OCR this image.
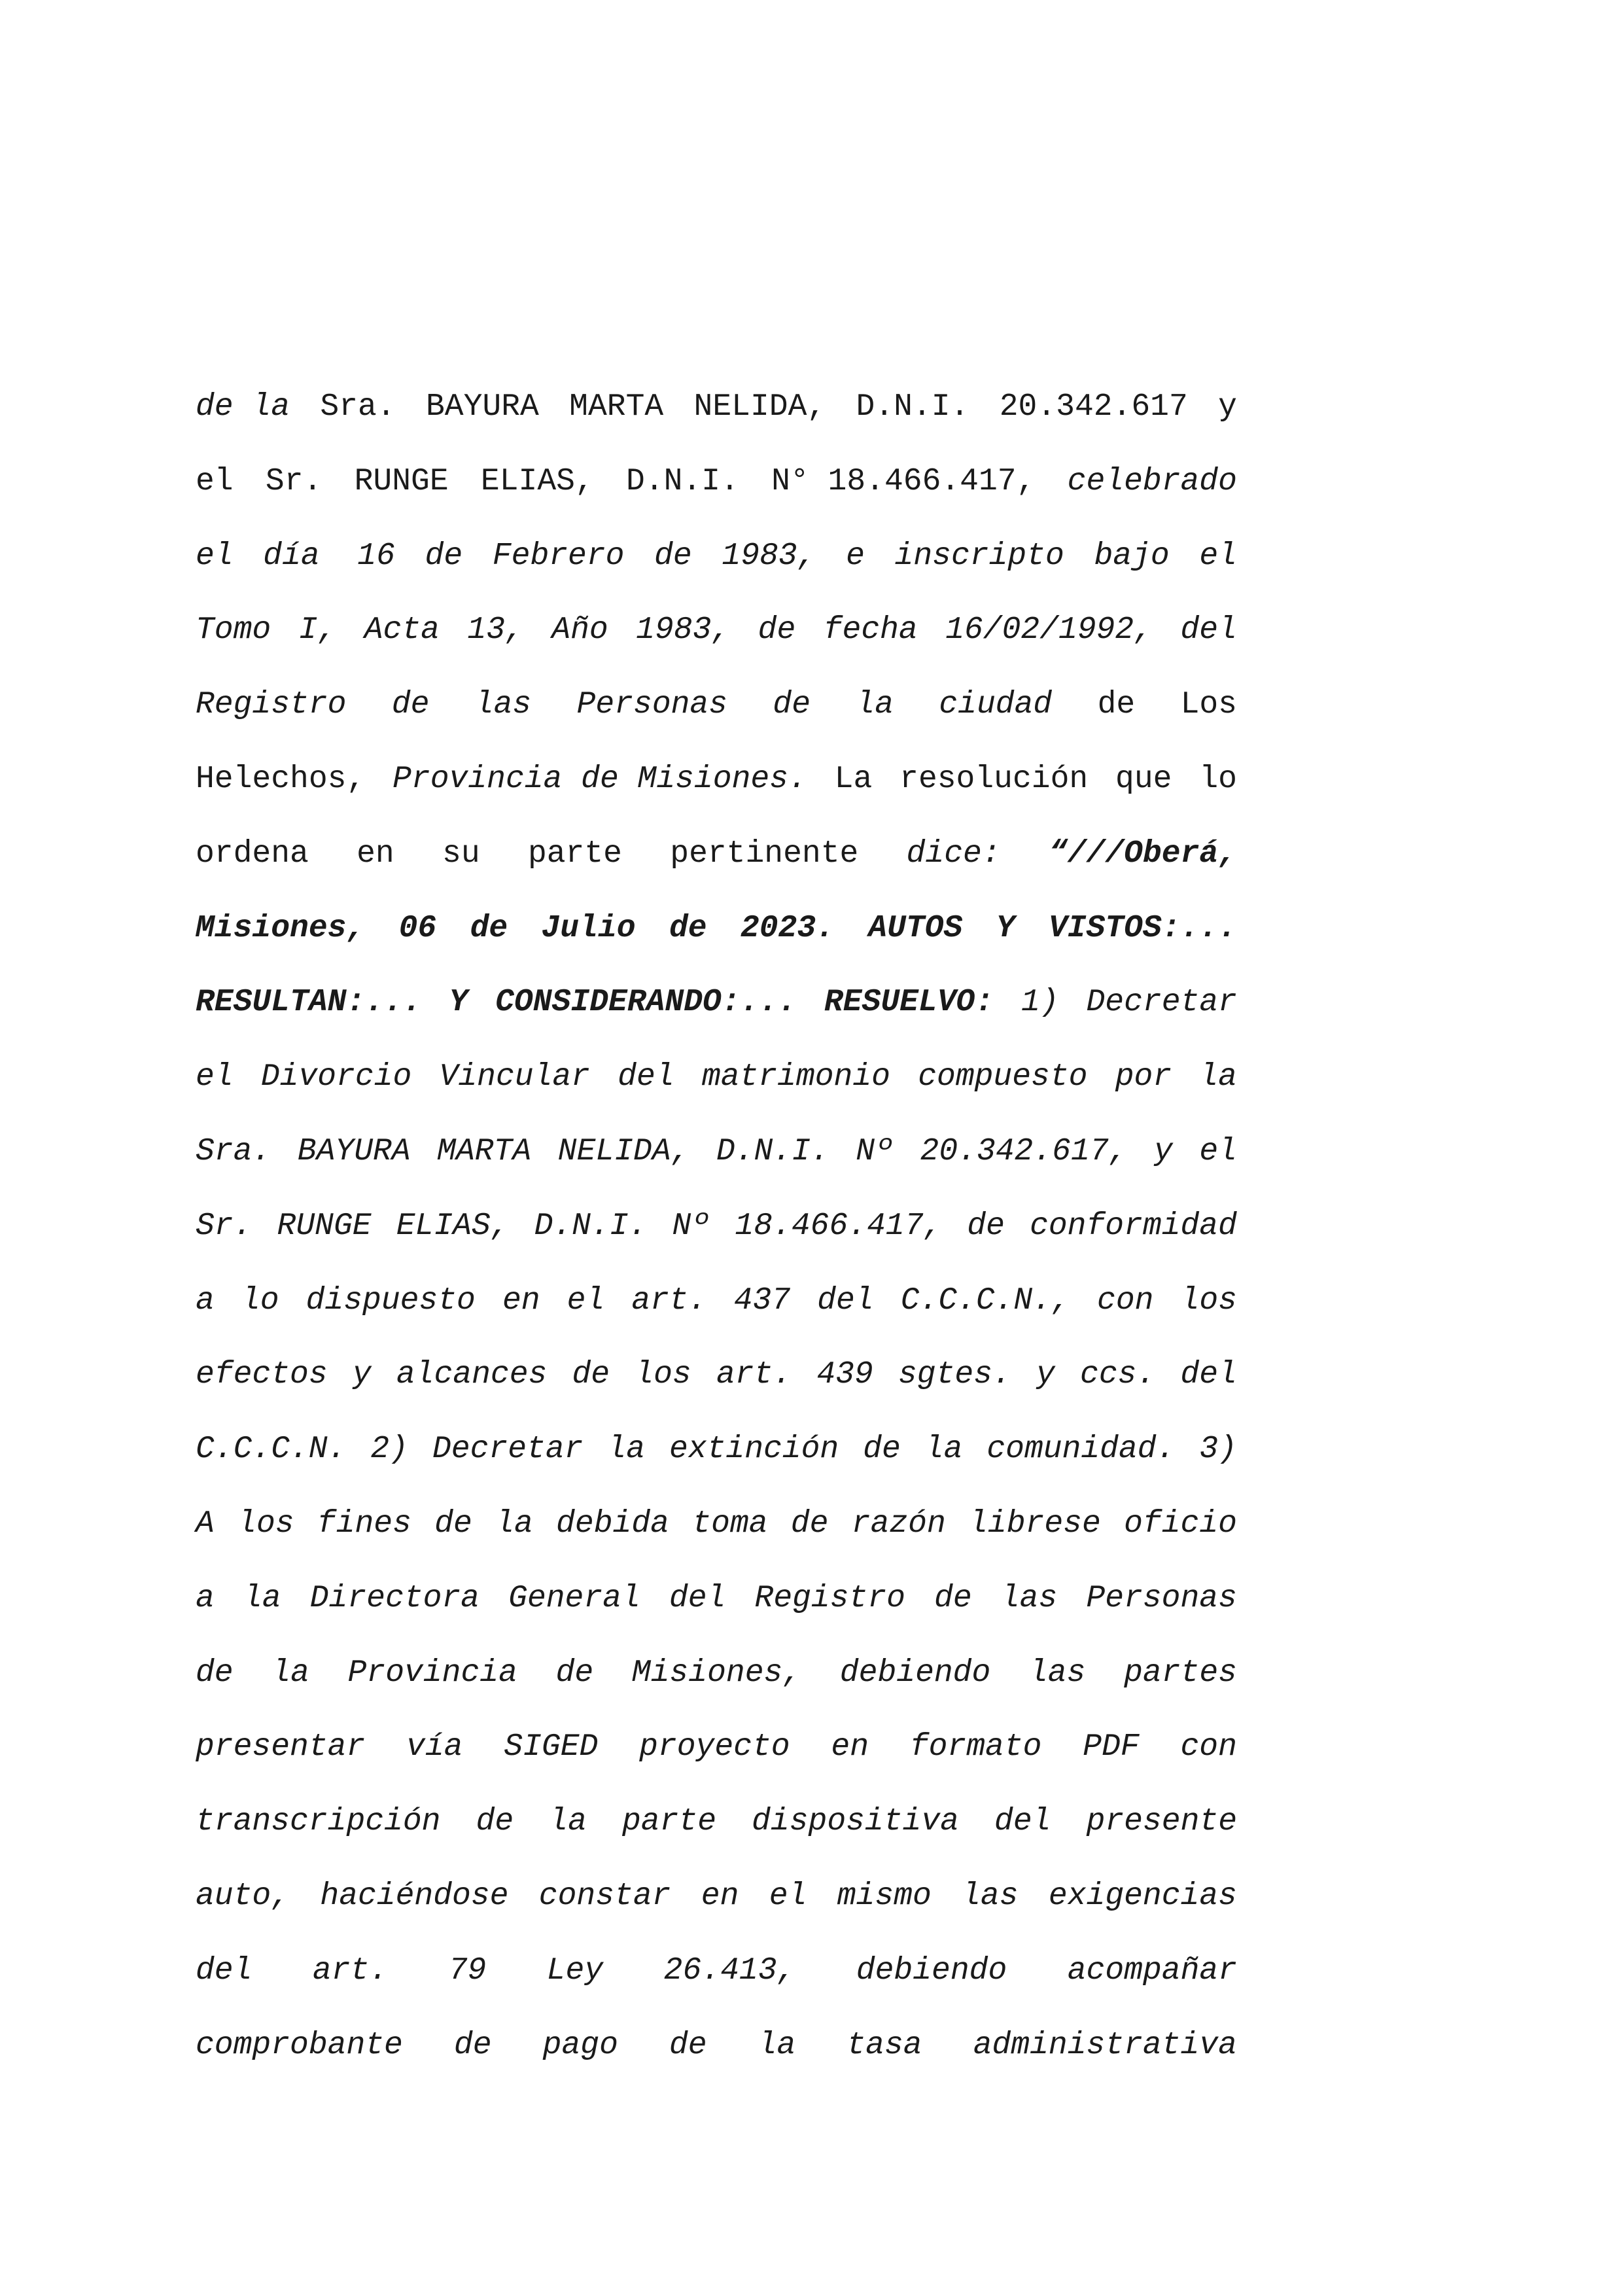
de la Sra. BAYURA MARTA NELIDA, D.N.I. 20.342.617 y
el Sr. RUNGE ELIAS, D.N.I. N° 18.466.417, celebrado
el día  16 de Febrero de 1983, e inscripto bajo el
Tomo I, Acta 13, Año 1983, de fecha 16/02/1992, del
Registro de las Personas de la ciudad de Los
Helechos, Provincia de Misiones. La resolución que lo
ordena en su parte pertinente dice: “///Oberá,
Misiones, 06 de Julio de 2023. AUTOS Y VISTOS:...
RESULTAN:... Y CONSIDERANDO:... RESUELVO: 1) Decretar
el Divorcio Vincular del matrimonio compuesto por la
Sra. BAYURA MARTA NELIDA, D.N.I. Nº 20.342.617, y el
Sr. RUNGE ELIAS, D.N.I. Nº 18.466.417, de conformidad
a lo dispuesto en el art. 437 del C.C.C.N., con los
efectos y alcances de los art. 439 sgtes. y ccs. del
C.C.C.N. 2) Decretar la extinción de la comunidad. 3)
A los fines de la debida toma de razón librese oficio
a la Directora General del Registro de las Personas
de la Provincia de Misiones, debiendo las partes
presentar vía SIGED proyecto en formato PDF con
transcripción de la parte dispositiva del presente
auto, haciéndose constar en el mismo las exigencias
del art. 79 Ley 26.413, debiendo acompañar
comprobante de pago de la tasa administrativa
